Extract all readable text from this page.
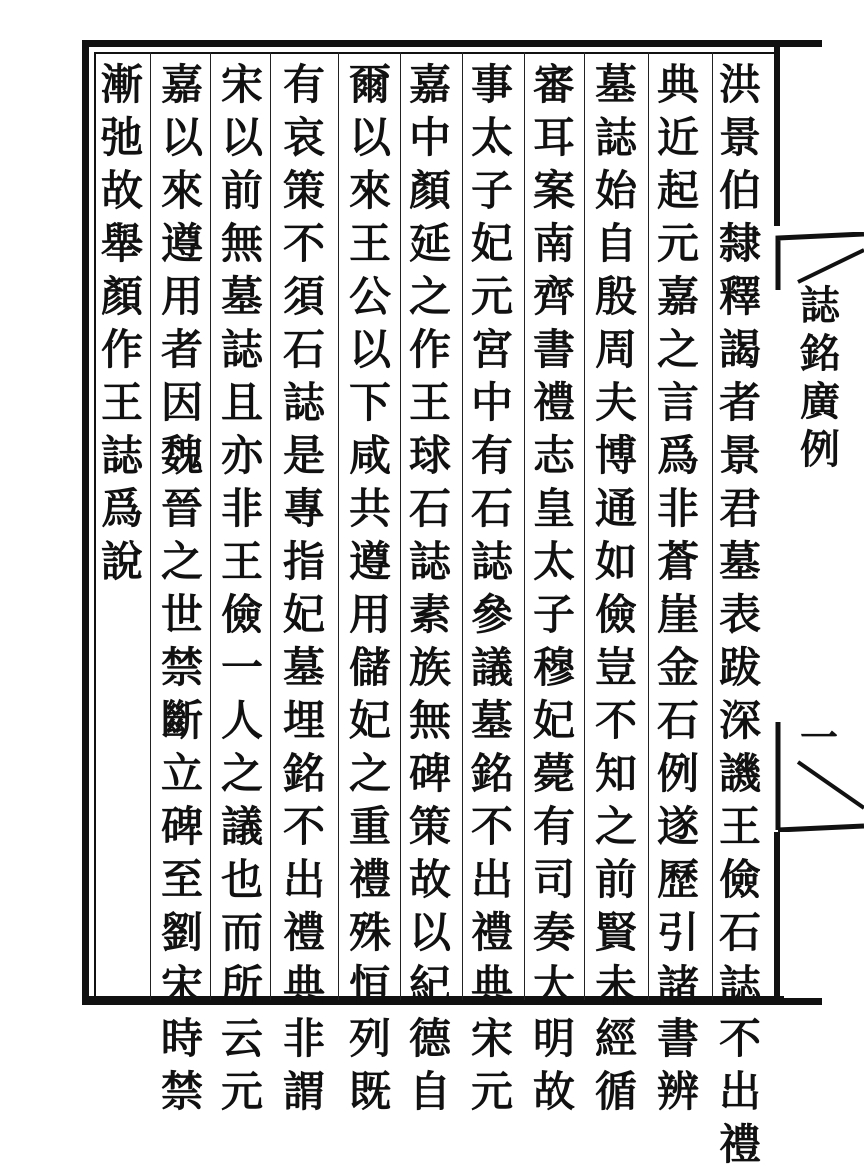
洪
景
伯
隸
釋
謁
者
景
君
墓
表
跋
深
譏
王
儉
石
誌
不
出
禮
典
近
起
元
嘉
之
言
爲
非
蒼
崖
金
石
例
遂
歷
引
諸
書
辨
墓
誌
始
自
殷
周
夫
博
通
如
儉
豈
不
知
之
前
賢
未
經
循
審
耳
案
南
齊
書
禮
志
皇
太
子
穆
妃
薨
有
司
奏
大
明
故
事
太
子
妃
元
宮
中
有
石
誌
參
議
墓
銘
不
出
禮
典
宋
元
嘉
中
顏
延
之
作
王
球
石
誌
素
族
無
碑
策
故
以
紀
德
自
爾
以
來
王
公
以
下
咸
共
遵
用
儲
妃
之
重
禮
殊
恒
列
既
有
哀
策
不
須
石
誌
是
專
指
妃
墓
埋
銘
不
出
禮
典
非
謂
宋
以
前
無
墓
誌
且
亦
非
王
儉
一
人
之
議
也
而
所
云
元
嘉
以
來
遵
用
者
因
魏
晉
之
世
禁
斷
立
碑
至
劉
宋
時
禁
漸
弛
故
舉
顏
作
王
誌
爲
說
誌
銘
廣
例
一
